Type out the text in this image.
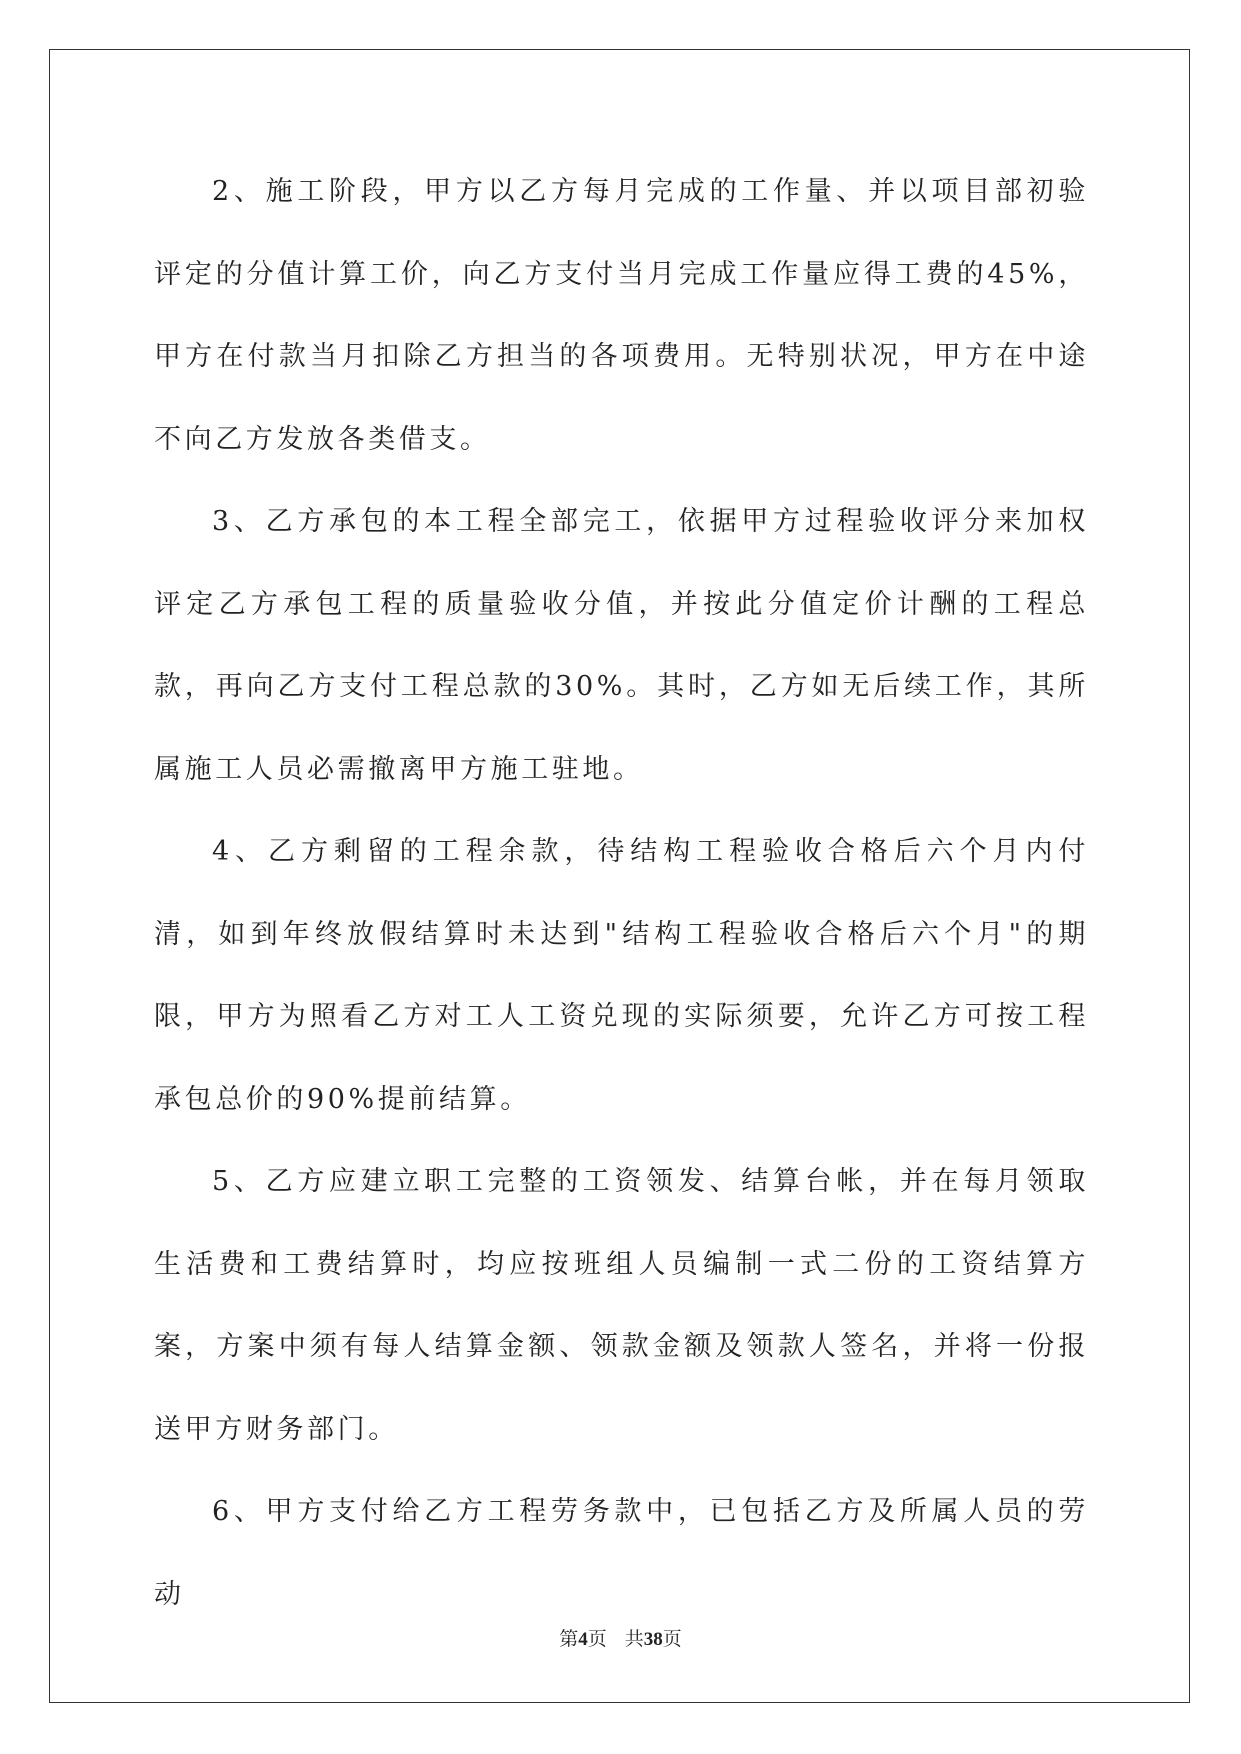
2、施工阶段，甲方以乙方每月完成的工作量、并以项目部初验评定的分值计算工价，向乙方支付当月完成工作量应得工费的45%，甲方在付款当月扣除乙方担当的各项费用。无特别状况，甲方在中途不向乙方发放各类借支。

3、乙方承包的本工程全部完工，依据甲方过程验收评分来加权评定乙方承包工程的质量验收分值，并按此分值定价计酬的工程总款，再向乙方支付工程总款的30%。其时，乙方如无后续工作，其所属施工人员必需撤离甲方施工驻地。

4、乙方剩留的工程余款，待结构工程验收合格后六个月内付清，如到年终放假结算时未达到"结构工程验收合格后六个月"的期限，甲方为照看乙方对工人工资兑现的实际须要，允许乙方可按工程承包总价的90%提前结算。

5、乙方应建立职工完整的工资领发、结算台帐，并在每月领取生活费和工费结算时，均应按班组人员编制一式二份的工资结算方案，方案中须有每人结算金额、领款金额及领款人签名，并将一份报送甲方财务部门。

6、甲方支付给乙方工程劳务款中，已包括乙方及所属人员的劳动

第4页 共38页
